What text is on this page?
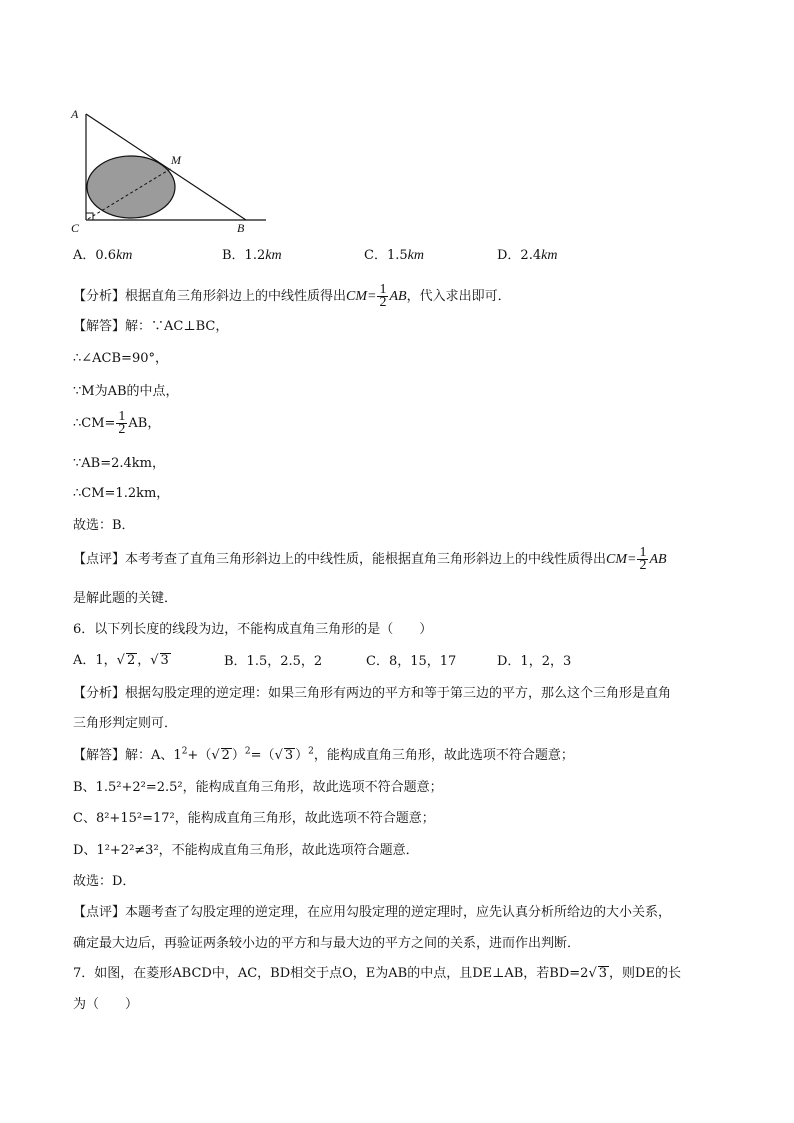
A
M
C	B
A．0.6km	B．1.2km	C．1.5km	D．2.4km
【分析】根据直角三角形斜边上的中线性质得出$CM= \frac{1}{2}$ AB，代入求出即可．
【解答】解：∵AC⊥BC，
∴∠ACB=90°，
∵M为AB的中点，
∴CM= $\frac{1}{2}$ AB，
∵AB=2.4km，
∴CM=1.2km，
故选：B．
【点评】本考考查了直角三角形斜边上的中线性质，能根据直角三角形斜边上的中线性质得出$CM= \frac{1}{2}$ AB
是解此题的关键．
6．以下列长度的线段为边，不能构成直角三角形的是（　　）
A．1，√ 2 ，√ 3	B．1.5，2.5，2	C．8，15，17	D．1，2，3
【分析】根据勾股定理的逆定理：如果三角形有两边的平方和等于第三边的平方，那么这个三角形是直角
三角形判定则可．
【解答】解：A、$1^2+(√$ 2 ）$^2$=（√ 3 ）$^2$，能构成直角三角形，故此选项不符合题意；
B、1.5²+2²=2.5²，能构成直角三角形，故此选项不符合题意；
C、8²+15²=17²，能构成直角三角形，故此选项不符合题意；
D、1²+2²≠3²，不能构成直角三角形，故此选项符合题意．
故选：D．
【点评】本题考查了勾股定理的逆定理，在应用勾股定理的逆定理时，应先认真分析所给边的大小关系，
确定最大边后，再验证两条较小边的平方和与最大边的平方之间的关系，进而作出判断．
7．如图，在菱形ABCD中，AC，BD相交于点O，E为AB的中点，且DE⊥AB，若BD=2√ 3 ，则DE的长
为（　　）
